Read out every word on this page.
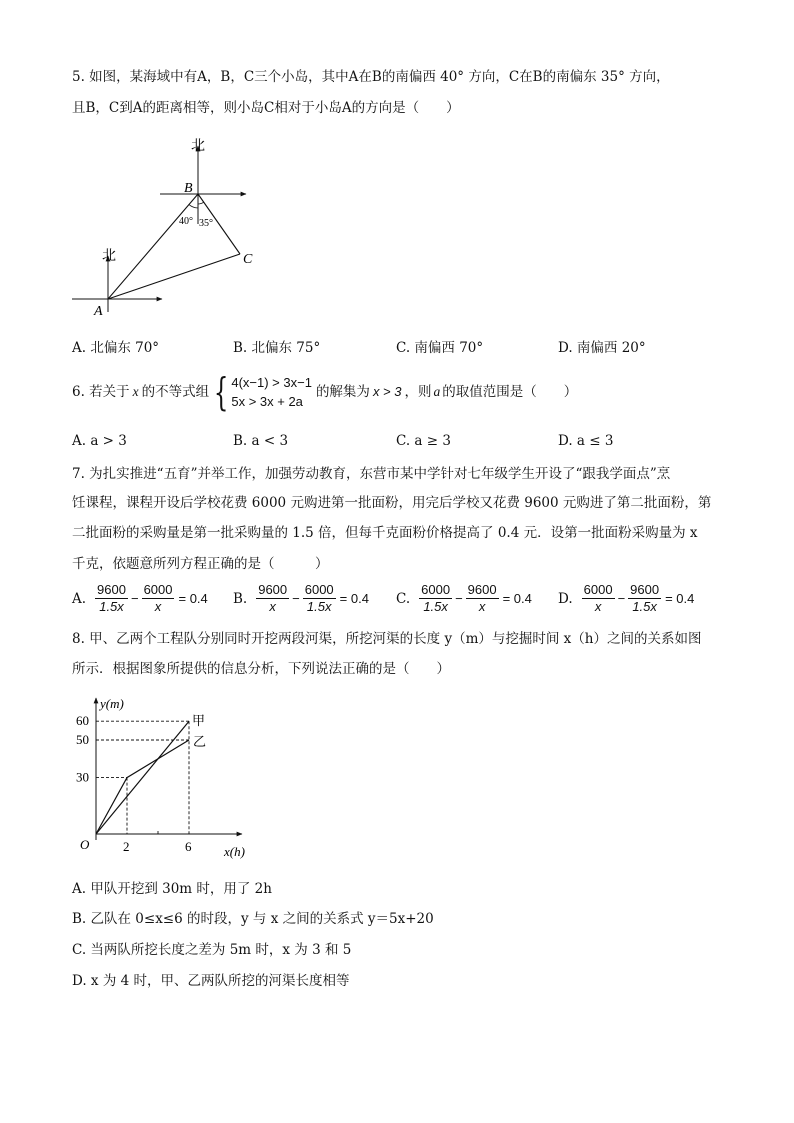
5. 如图，某海域中有A，B，C三个小岛，其中A在B的南偏西 40° 方向，C在B的南偏东 35° 方向，
且B，C到A的距离相等，则小岛C相对于小岛A的方向是（　　）
北
北
B
A
C
40° 35°
A. 北偏东 70°	B. 北偏东 75°	C. 南偏西 70°	D. 南偏西 20°
6. 若关于 x 的不等式组 { 4(x−1) > 3x−1
5x > 3x + 2a
的解集为 x > 3 ，则 a 的取值范围是（　　）
A. a > 3	B. a < 3	C. a ≥ 3	D. a ≤ 3
7. 为扎实推进“五育”并举工作，加强劳动教育，东营市某中学针对七年级学生开设了“跟我学面点”烹
饪课程，课程开设后学校花费 6000 元购进第一批面粉，用完后学校又花费 9600 元购进了第二批面粉，第
二批面粉的采购量是第一批采购量的 1.5 倍，但每千克面粉价格提高了 0.4 元．设第一批面粉采购量为 x
千克，依题意所列方程正确的是（　　　）
A. $\frac{9600}{1.5x} - \frac{6000}{x} = 0.4$ B. $\frac{9600}{x} - \frac{6000}{1.5x} = 0.4$ C. $\frac{6000}{1.5x} - \frac{9600}{x} = 0.4$ D. $\frac{6000}{x} - \frac{9600}{1.5x} = 0.4$
8. 甲、乙两个工程队分别同时开挖两段河渠，所挖河渠的长度 y（m）与挖掘时间 x（h）之间的关系如图
所示．根据图象所提供的信息分析，下列说法正确的是（　　）
y(m)
x(h)
O
60
50
30
2	6
甲
乙
A. 甲队开挖到 30m 时，用了 2h
B. 乙队在 0≤x≤6 的时段，y 与 x 之间的关系式 y＝5x+20
C. 当两队所挖长度之差为 5m 时，x 为 3 和 5
D. x 为 4 时，甲、乙两队所挖的河渠长度相等
